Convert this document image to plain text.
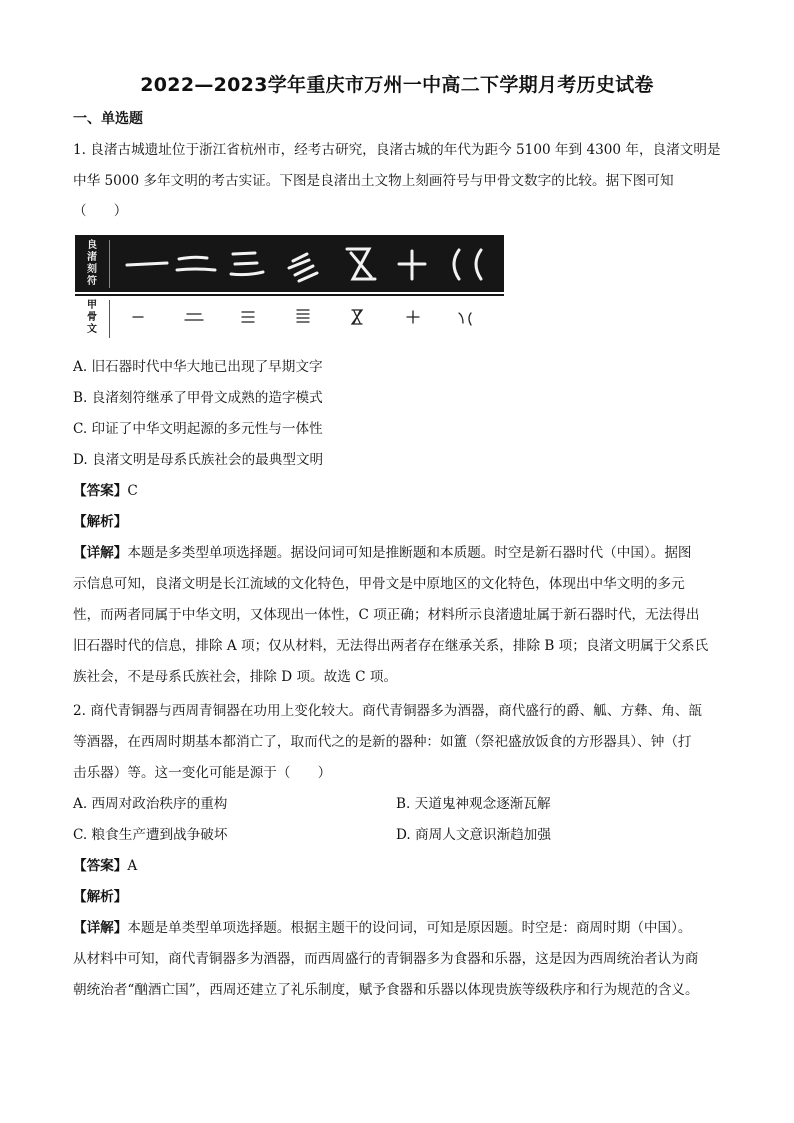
2022—2023学年重庆市万州一中高二下学期月考历史试卷
一、单选题
1. 良渚古城遗址位于浙江省杭州市，经考古研究，良渚古城的年代为距今 5100 年到 4300 年，良渚文明是
中华 5000 多年文明的考古实证。下图是良渚出土文物上刻画符号与甲骨文数字的比较。据下图可知
（　　）
良
渚
刻
符
甲
骨
文
A. 旧石器时代中华大地已出现了早期文字
B. 良渚刻符继承了甲骨文成熟的造字模式
C. 印证了中华文明起源的多元性与一体性
D. 良渚文明是母系氏族社会的最典型文明
【答案】C
【解析】
【详解】本题是多类型单项选择题。据设问词可知是推断题和本质题。时空是新石器时代（中国）。据图
示信息可知，良渚文明是长江流域的文化特色，甲骨文是中原地区的文化特色，体现出中华文明的多元
性，而两者同属于中华文明，又体现出一体性，C 项正确；材料所示良渚遗址属于新石器时代，无法得出
旧石器时代的信息，排除 A 项；仅从材料，无法得出两者存在继承关系，排除 B 项；良渚文明属于父系氏
族社会，不是母系氏族社会，排除 D 项。故选 C 项。
2. 商代青铜器与西周青铜器在功用上变化较大。商代青铜器多为酒器，商代盛行的爵、觚、方彝、角、瓿
等酒器，在西周时期基本都消亡了，取而代之的是新的器种：如簠（祭祀盛放饭食的方形器具）、钟（打
击乐器）等。这一变化可能是源于（　　）
A. 西周对政治秩序的重构	B. 天道鬼神观念逐渐瓦解
C. 粮食生产遭到战争破坏	D. 商周人文意识渐趋加强
【答案】A
【解析】
【详解】本题是单类型单项选择题。根据主题干的设问词，可知是原因题。时空是：商周时期（中国）。
从材料中可知，商代青铜器多为酒器，而西周盛行的青铜器多为食器和乐器，这是因为西周统治者认为商
朝统治者“酗酒亡国”，西周还建立了礼乐制度，赋予食器和乐器以体现贵族等级秩序和行为规范的含义。
